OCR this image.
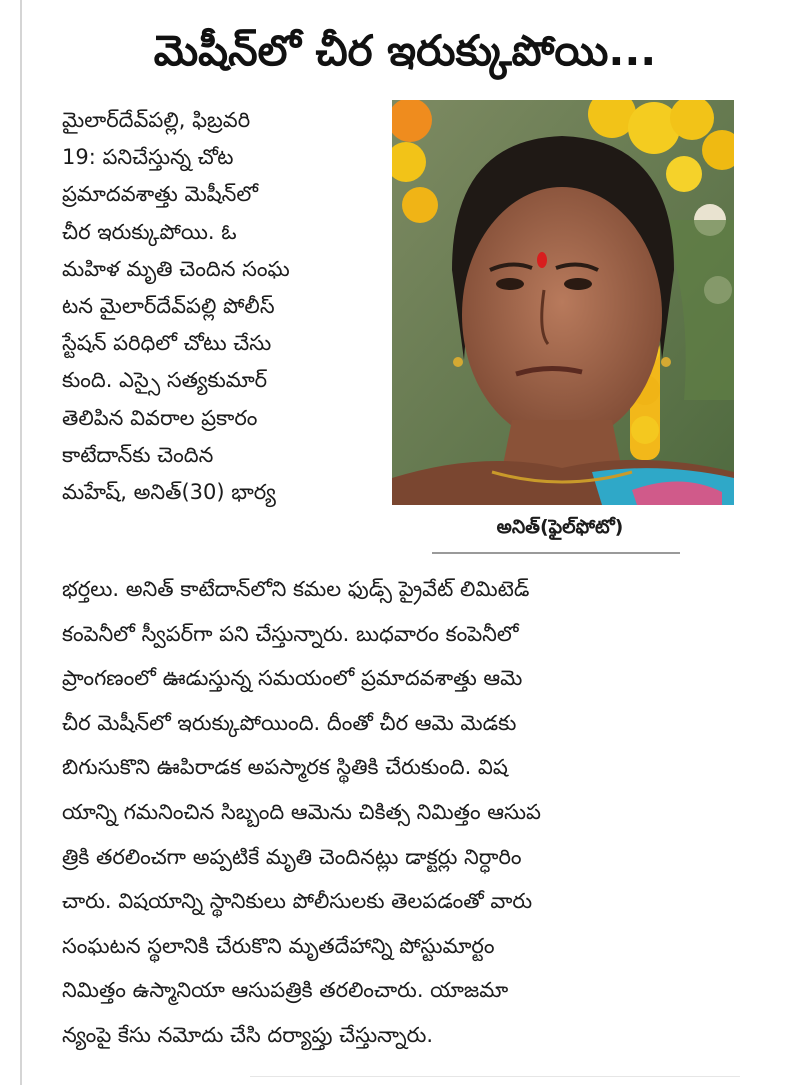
మెషీన్‌లో చీర ఇరుక్కుపోయి...
మైలార్‌దేవ్‌పల్లి, ఫిబ్రవరి
19: పనిచేస్తున్న చోట
ప్రమాదవశాత్తు మెషీన్‌లో
చీర ఇరుక్కుపోయి. ఓ
మహిళ మృతి చెందిన సంఘ
టన మైలార్‌దేవ్‌పల్లి పోలీస్
స్టేషన్ పరిధిలో చోటు చేసు
కుంది. ఎస్సై సత్యకుమార్
తెలిపిన వివరాల ప్రకారం
కాటేదాన్‌కు చెందిన
మహేష్, అనిత్(30) భార్య
అనిత్(ఫైల్‌ఫోటో)
భర్తలు. అనిత్ కాటేదాన్‌లోని కమల ఫుడ్స్ ప్రైవేట్ లిమిటెడ్
కంపెనీలో స్వీపర్‌గా పని చేస్తున్నారు. బుధవారం కంపెనీలో
ప్రాంగణంలో ఊడుస్తున్న సమయంలో ప్రమాదవశాత్తు ఆమె
చీర మెషీన్‌లో ఇరుక్కుపోయింది. దీంతో చీర ఆమె మెడకు
బిగుసుకొని ఊపిరాడక అపస్మారక స్థితికి చేరుకుంది. విష
యాన్ని గమనించిన సిబ్బంది ఆమెను చికిత్స నిమిత్తం ఆసుప
త్రికి తరలించగా అప్పటికే మృతి చెందినట్లు డాక్టర్లు నిర్ధారిం
చారు. విషయాన్ని స్థానికులు పోలీసులకు తెలపడంతో వారు
సంఘటన స్థలానికి చేరుకొని మృతదేహాన్ని పోస్టుమార్టం
నిమిత్తం ఉస్మానియా ఆసుపత్రికి తరలించారు. యాజమా
న్యంపై కేసు నమోదు చేసి దర్యాప్తు చేస్తున్నారు.
